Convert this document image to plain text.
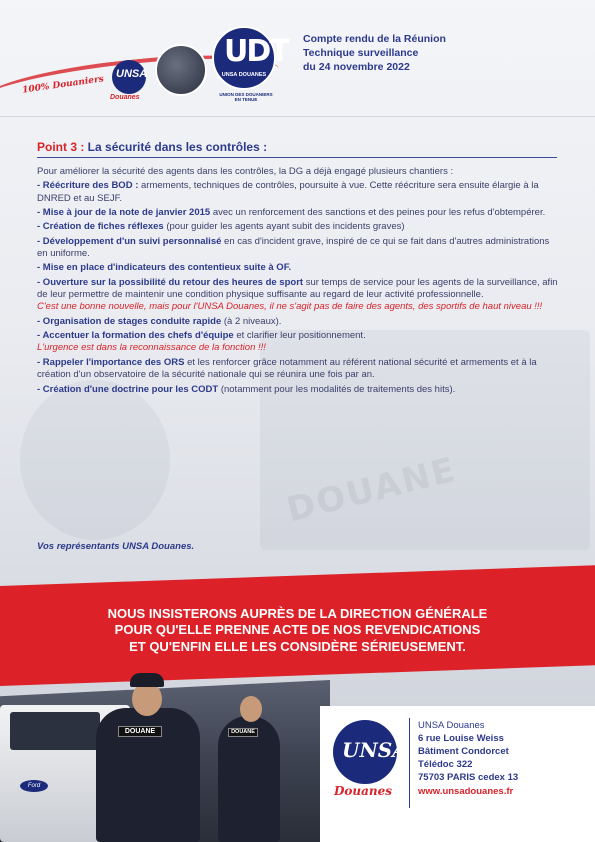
DOUANE
100% Douaniers
UNSA
Douanes
UDT
UNSA DOUANES
UNION DES DOUANIERS
EN TENUE
Compte rendu de la Réunion
Technique surveillance
du 24 novembre 2022
Point 3 : La sécurité dans les contrôles :

Pour améliorer la sécurité des agents dans les contrôles, la DG a déjà engagé plusieurs chantiers :

- Réécriture des BOD : armements, techniques de contrôles, poursuite à vue. Cette réécriture sera ensuite élargie à la DNRED et au SEJF.

- Mise à jour de la note de janvier 2015 avec un renforcement des sanctions et des peines pour les refus d'obtempérer.

- Création de fiches réflexes (pour guider les agents ayant subit des incidents graves)

- Développement d'un suivi personnalisé en cas d'incident grave, inspiré de ce qui se fait dans d'autres administrations en uniforme.

- Mise en place d'indicateurs des contentieux suite à OF.

- Ouverture sur la possibilité du retour des heures de sport sur temps de service pour les agents de la surveillance, afin de leur permettre de maintenir une condition physique suffisante au regard de leur activité professionnelle.

C'est une bonne nouvelle, mais pour l'UNSA Douanes, il ne s'agit pas de faire des agents, des sportifs de haut niveau !!!

- Organisation de stages conduite rapide (à 2 niveaux).

- Accentuer la formation des chefs d'équipe et clarifier leur positionnement.

L'urgence est dans la reconnaissance de la fonction !!!

- Rappeler l'importance des ORS et les renforcer grâce notamment au référent national sécurité et armements et à la création d'un observatoire de la sécurité nationale qui se réunira une fois par an.

- Création d'une doctrine pour les CODT (notamment pour les modalités de traitements des hits).

Vos représentants UNSA Douanes.
NOUS INSISTERONS AUPRÈS DE LA DIRECTION GÉNÉRALE
POUR QU'ELLE PRENNE ACTE DE NOS REVENDICATIONS
ET QU'ENFIN ELLE LES CONSIDÈRE SÉRIEUSEMENT.
Ford
DOUANE	DOUANE
UNSA
Douanes
UNSA Douanes
6 rue Louise Weiss
Bâtiment Condorcet
Télédoc 322
75703 PARIS cedex 13
www.unsadouanes.fr
